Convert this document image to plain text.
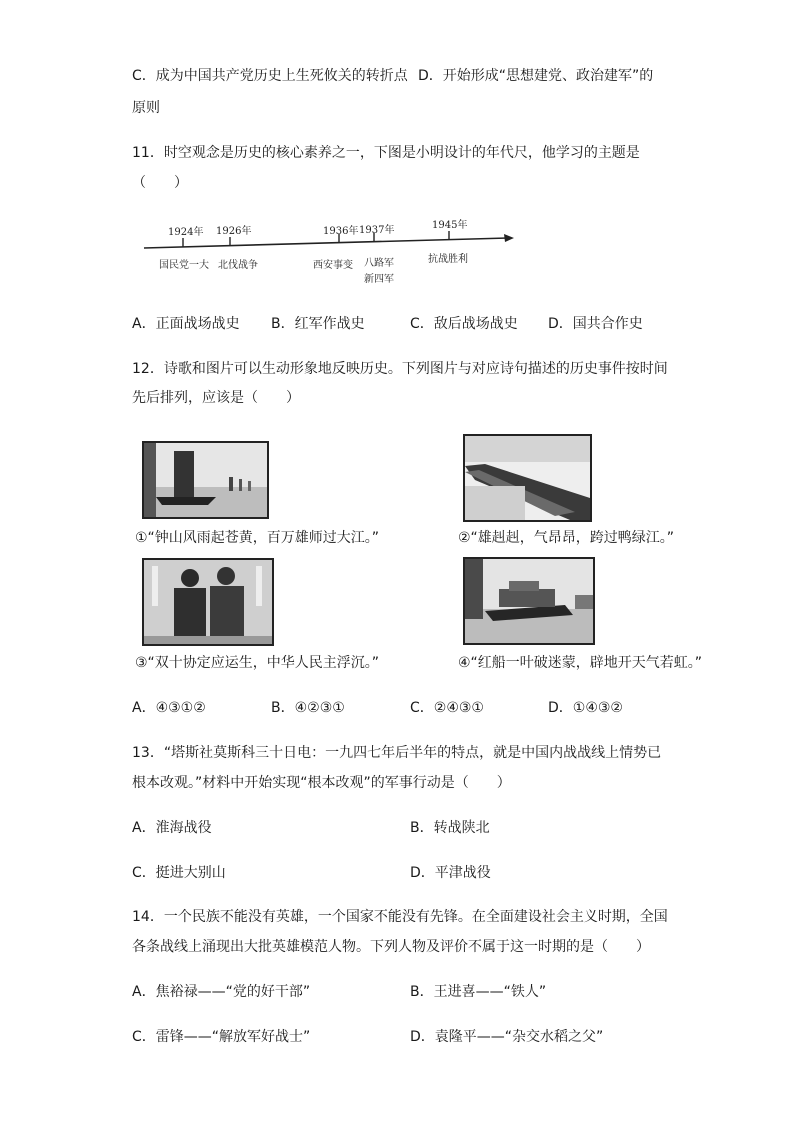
C．成为中国共产党历史上生死攸关的转折点 D．开始形成“思想建党、政治建军”的
原则
11．时空观念是历史的核心素养之一，下图是小明设计的年代尺，他学习的主题是
（　　）
1924年 1926年	1936年 1937年	1945年
国民党一大 北伐战争	西安事变 八路军
新四军
抗战胜利
A．正面战场战史 B．红军作战史	C．敌后战场战史 D．国共合作史
12．诗歌和图片可以生动形象地反映历史。下列图片与对应诗句描述的历史事件按时间
先后排列，应该是（　　）
①“钟山风雨起苍黄，百万雄师过大江。”	②“雄赳赳，气昂昂，跨过鸭绿江。”
③“双十协定应运生，中华人民主浮沉。”	④“红船一叶破迷蒙，辟地开天气若虹。”
A．④③①②	B．④②③①	C．②④③①	D．①④③②
13．“塔斯社莫斯科三十日电：一九四七年后半年的特点，就是中国内战战线上情势已
根本改观。”材料中开始实现“根本改观”的军事行动是（　　）
A．淮海战役	B．转战陕北
C．挺进大别山	D．平津战役
14．一个民族不能没有英雄，一个国家不能没有先锋。在全面建设社会主义时期，全国
各条战线上涌现出大批英雄模范人物。下列人物及评价不属于这一时期的是（　　）
A．焦裕禄——“党的好干部”	B．王进喜——“铁人”
C．雷锋——“解放军好战士”	D．袁隆平——“杂交水稻之父”
